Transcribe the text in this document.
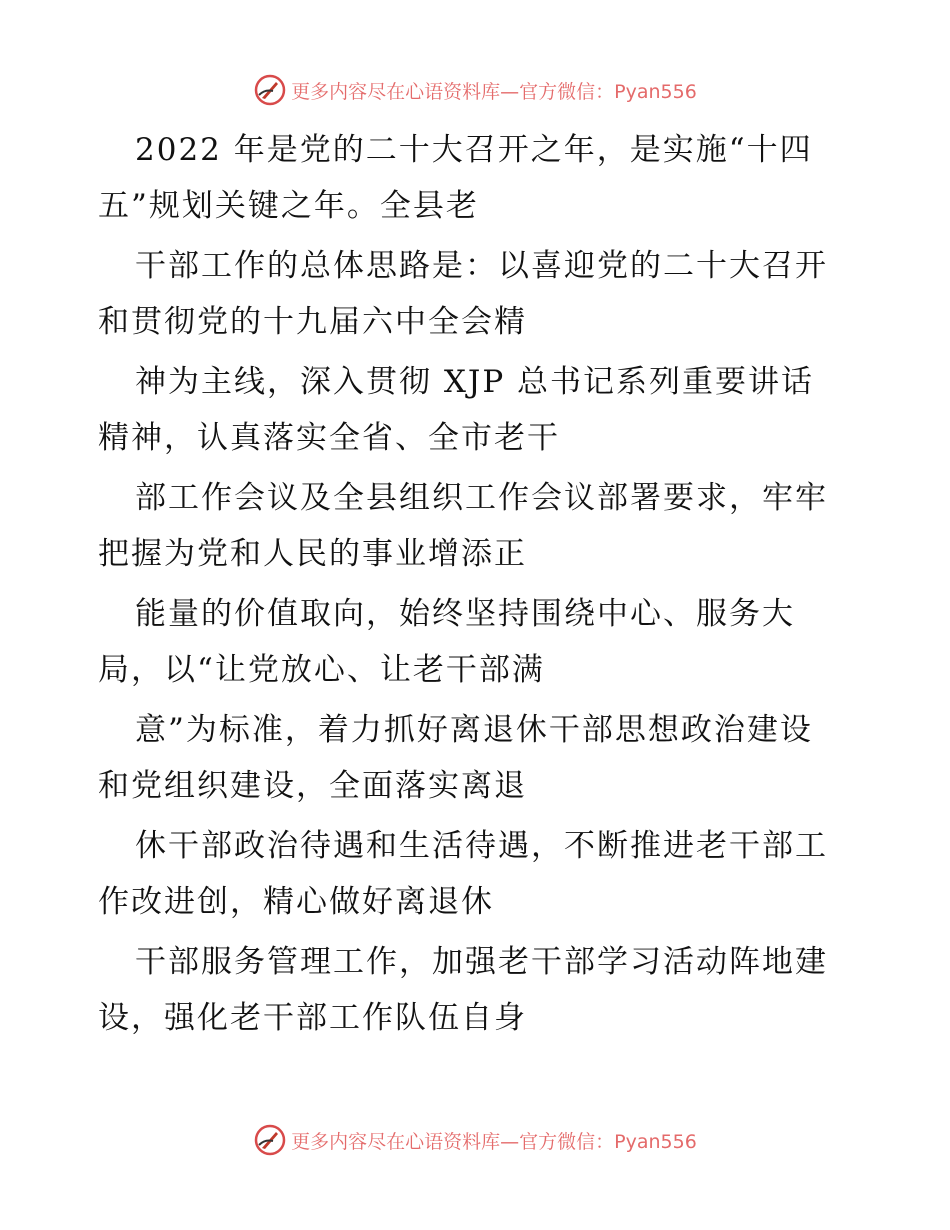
更多内容尽在心语资料库—官方微信：Pyan556
2022 年是党的二十大召开之年，是实施“十四
五”规划关键之年。全县老
干部工作的总体思路是：以喜迎党的二十大召开
和贯彻党的十九届六中全会精
神为主线，深入贯彻 XJP 总书记系列重要讲话
精神，认真落实全省、全市老干
部工作会议及全县组织工作会议部署要求，牢牢
把握为党和人民的事业增添正
能量的价值取向，始终坚持围绕中心、服务大
局，以“让党放心、让老干部满
意”为标准，着力抓好离退休干部思想政治建设
和党组织建设，全面落实离退
休干部政治待遇和生活待遇，不断推进老干部工
作改进创，精心做好离退休
干部服务管理工作，加强老干部学习活动阵地建
设，强化老干部工作队伍自身
更多内容尽在心语资料库—官方微信：Pyan556
